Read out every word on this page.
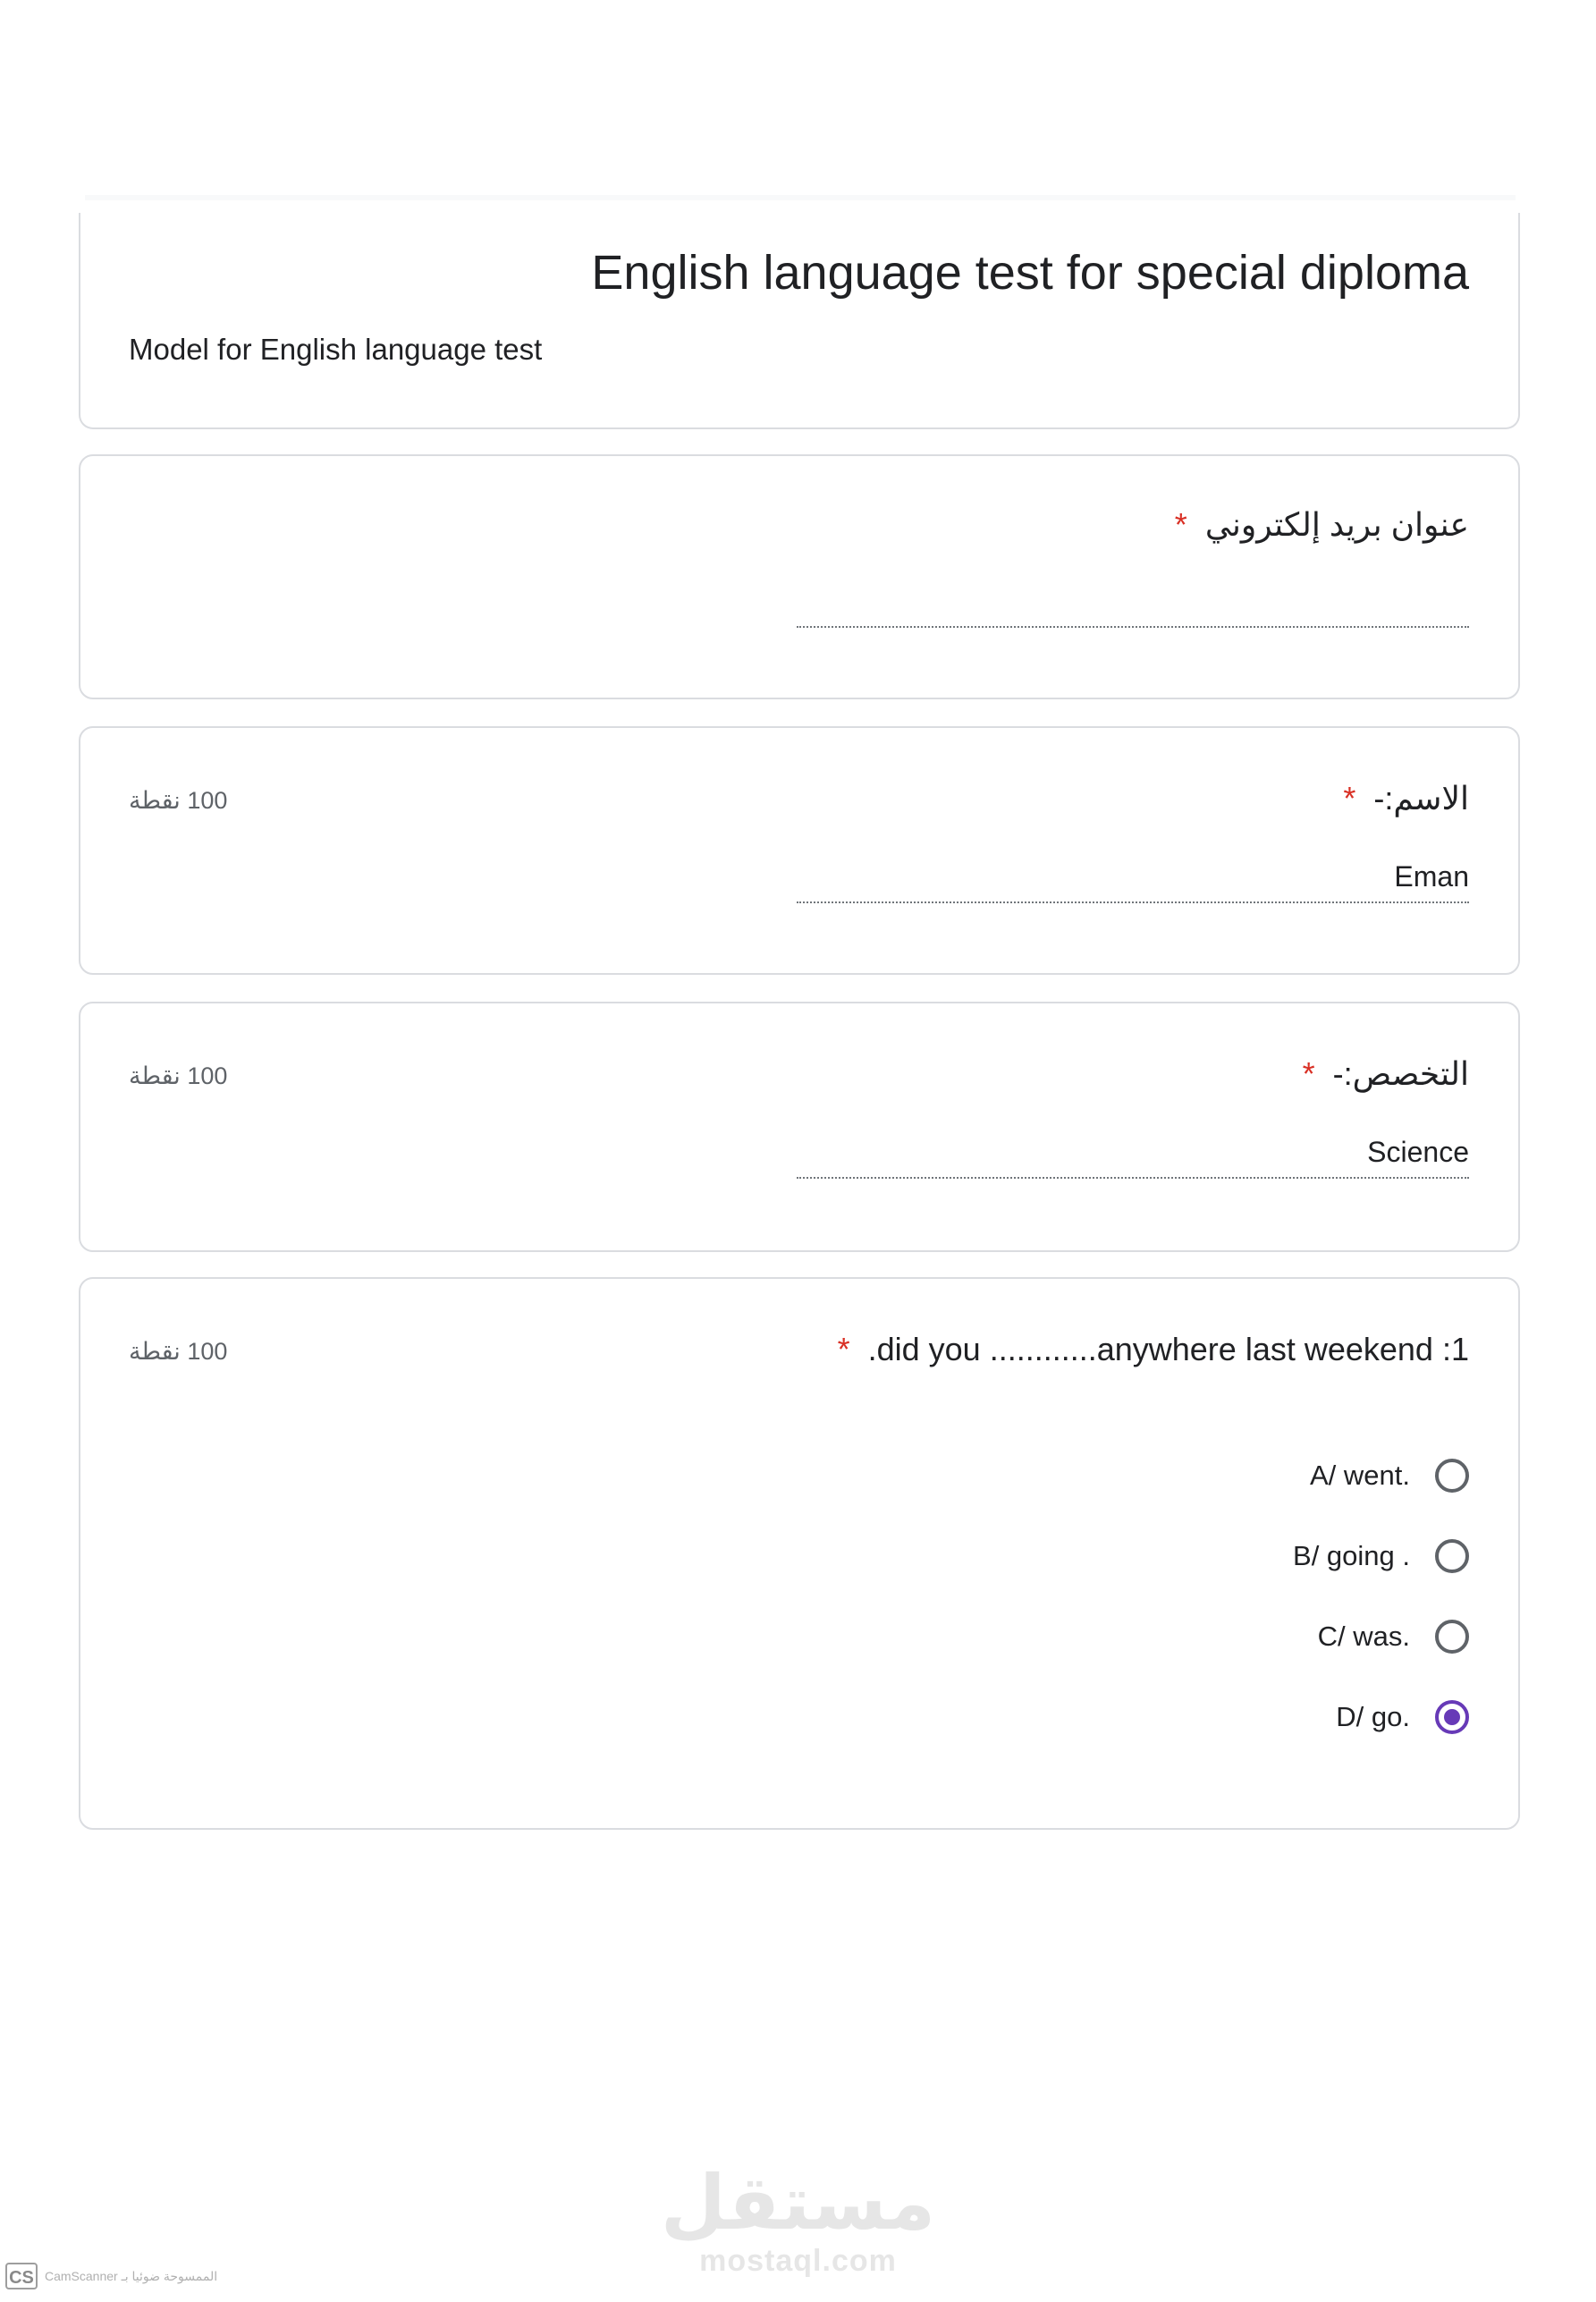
English language test for special diploma
Model for English language test
عنوان بريد إلكتروني *
الاسم:- *
100 نقطة
Eman
التخصص:- *
100 نقطة
Science
1: did you ............anywhere last weekend. *
100 نقطة
A/ went.
B/ going .
C/ was.
D/ go.
مستقل
mostaql.com
CS CamScanner الممسوحة ضوئيا بـ
